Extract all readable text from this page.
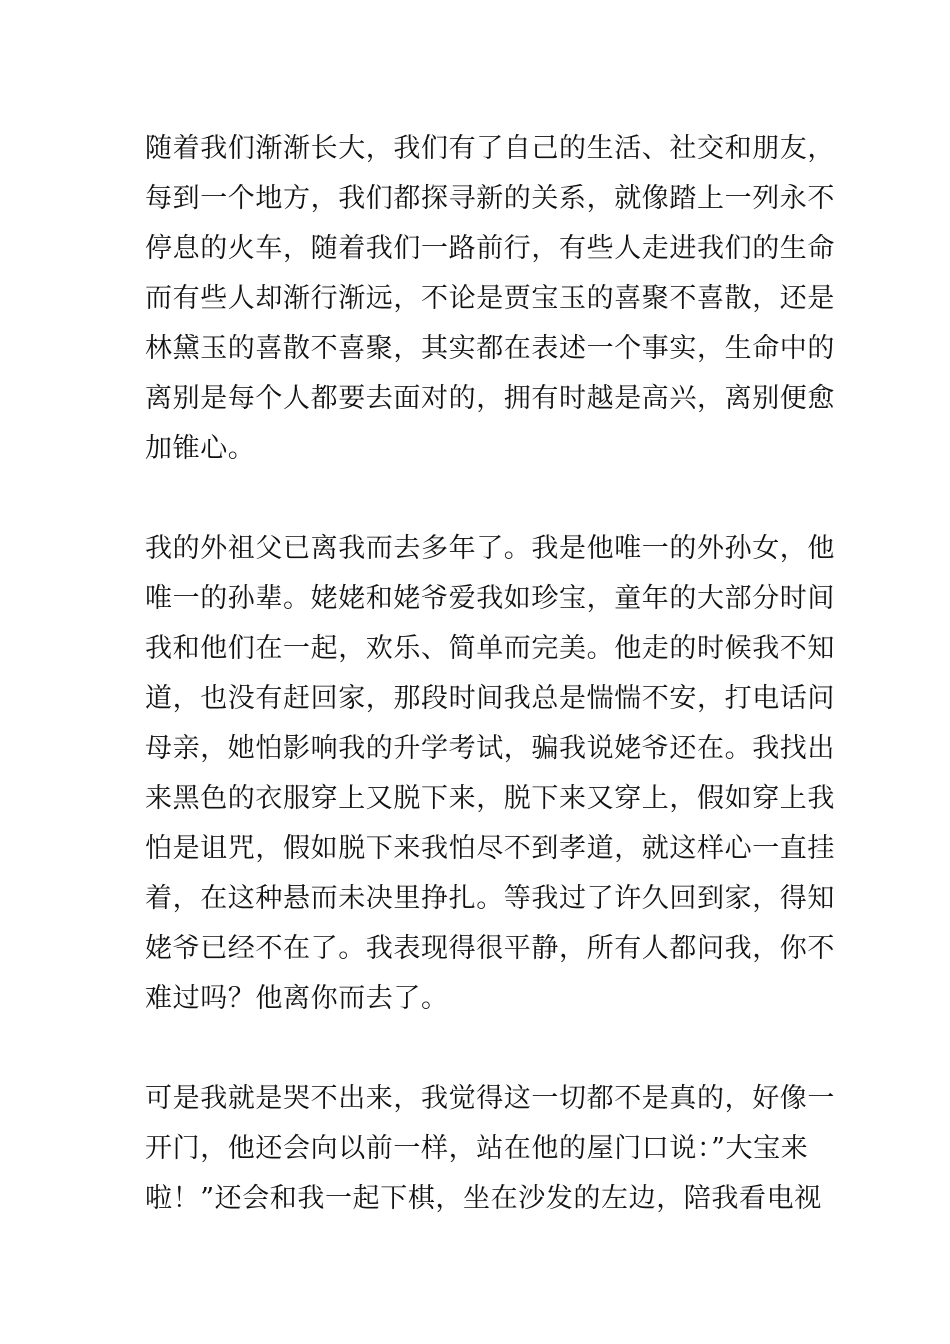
随着我们渐渐长大，我们有了自己的生活、社交和朋友，
每到一个地方，我们都探寻新的关系，就像踏上一列永不
停息的火车，随着我们一路前行，有些人走进我们的生命
而有些人却渐行渐远，不论是贾宝玉的喜聚不喜散，还是
林黛玉的喜散不喜聚，其实都在表述一个事实，生命中的
离别是每个人都要去面对的，拥有时越是高兴，离别便愈
加锥心。
我的外祖父已离我而去多年了。我是他唯一的外孙女，他
唯一的孙辈。姥姥和姥爷爱我如珍宝，童年的大部分时间
我和他们在一起，欢乐、简单而完美。他走的时候我不知
道，也没有赶回家，那段时间我总是惴惴不安，打电话问
母亲，她怕影响我的升学考试，骗我说姥爷还在。我找出
来黑色的衣服穿上又脱下来，脱下来又穿上，假如穿上我
怕是诅咒，假如脱下来我怕尽不到孝道，就这样心一直挂
着，在这种悬而未决里挣扎。等我过了许久回到家，得知
姥爷已经不在了。我表现得很平静，所有人都问我，你不
难过吗？他离你而去了。
可是我就是哭不出来，我觉得这一切都不是真的，好像一
开门，他还会向以前一样，站在他的屋门口说：”大宝来
啦！”还会和我一起下棋，坐在沙发的左边，陪我看电视
